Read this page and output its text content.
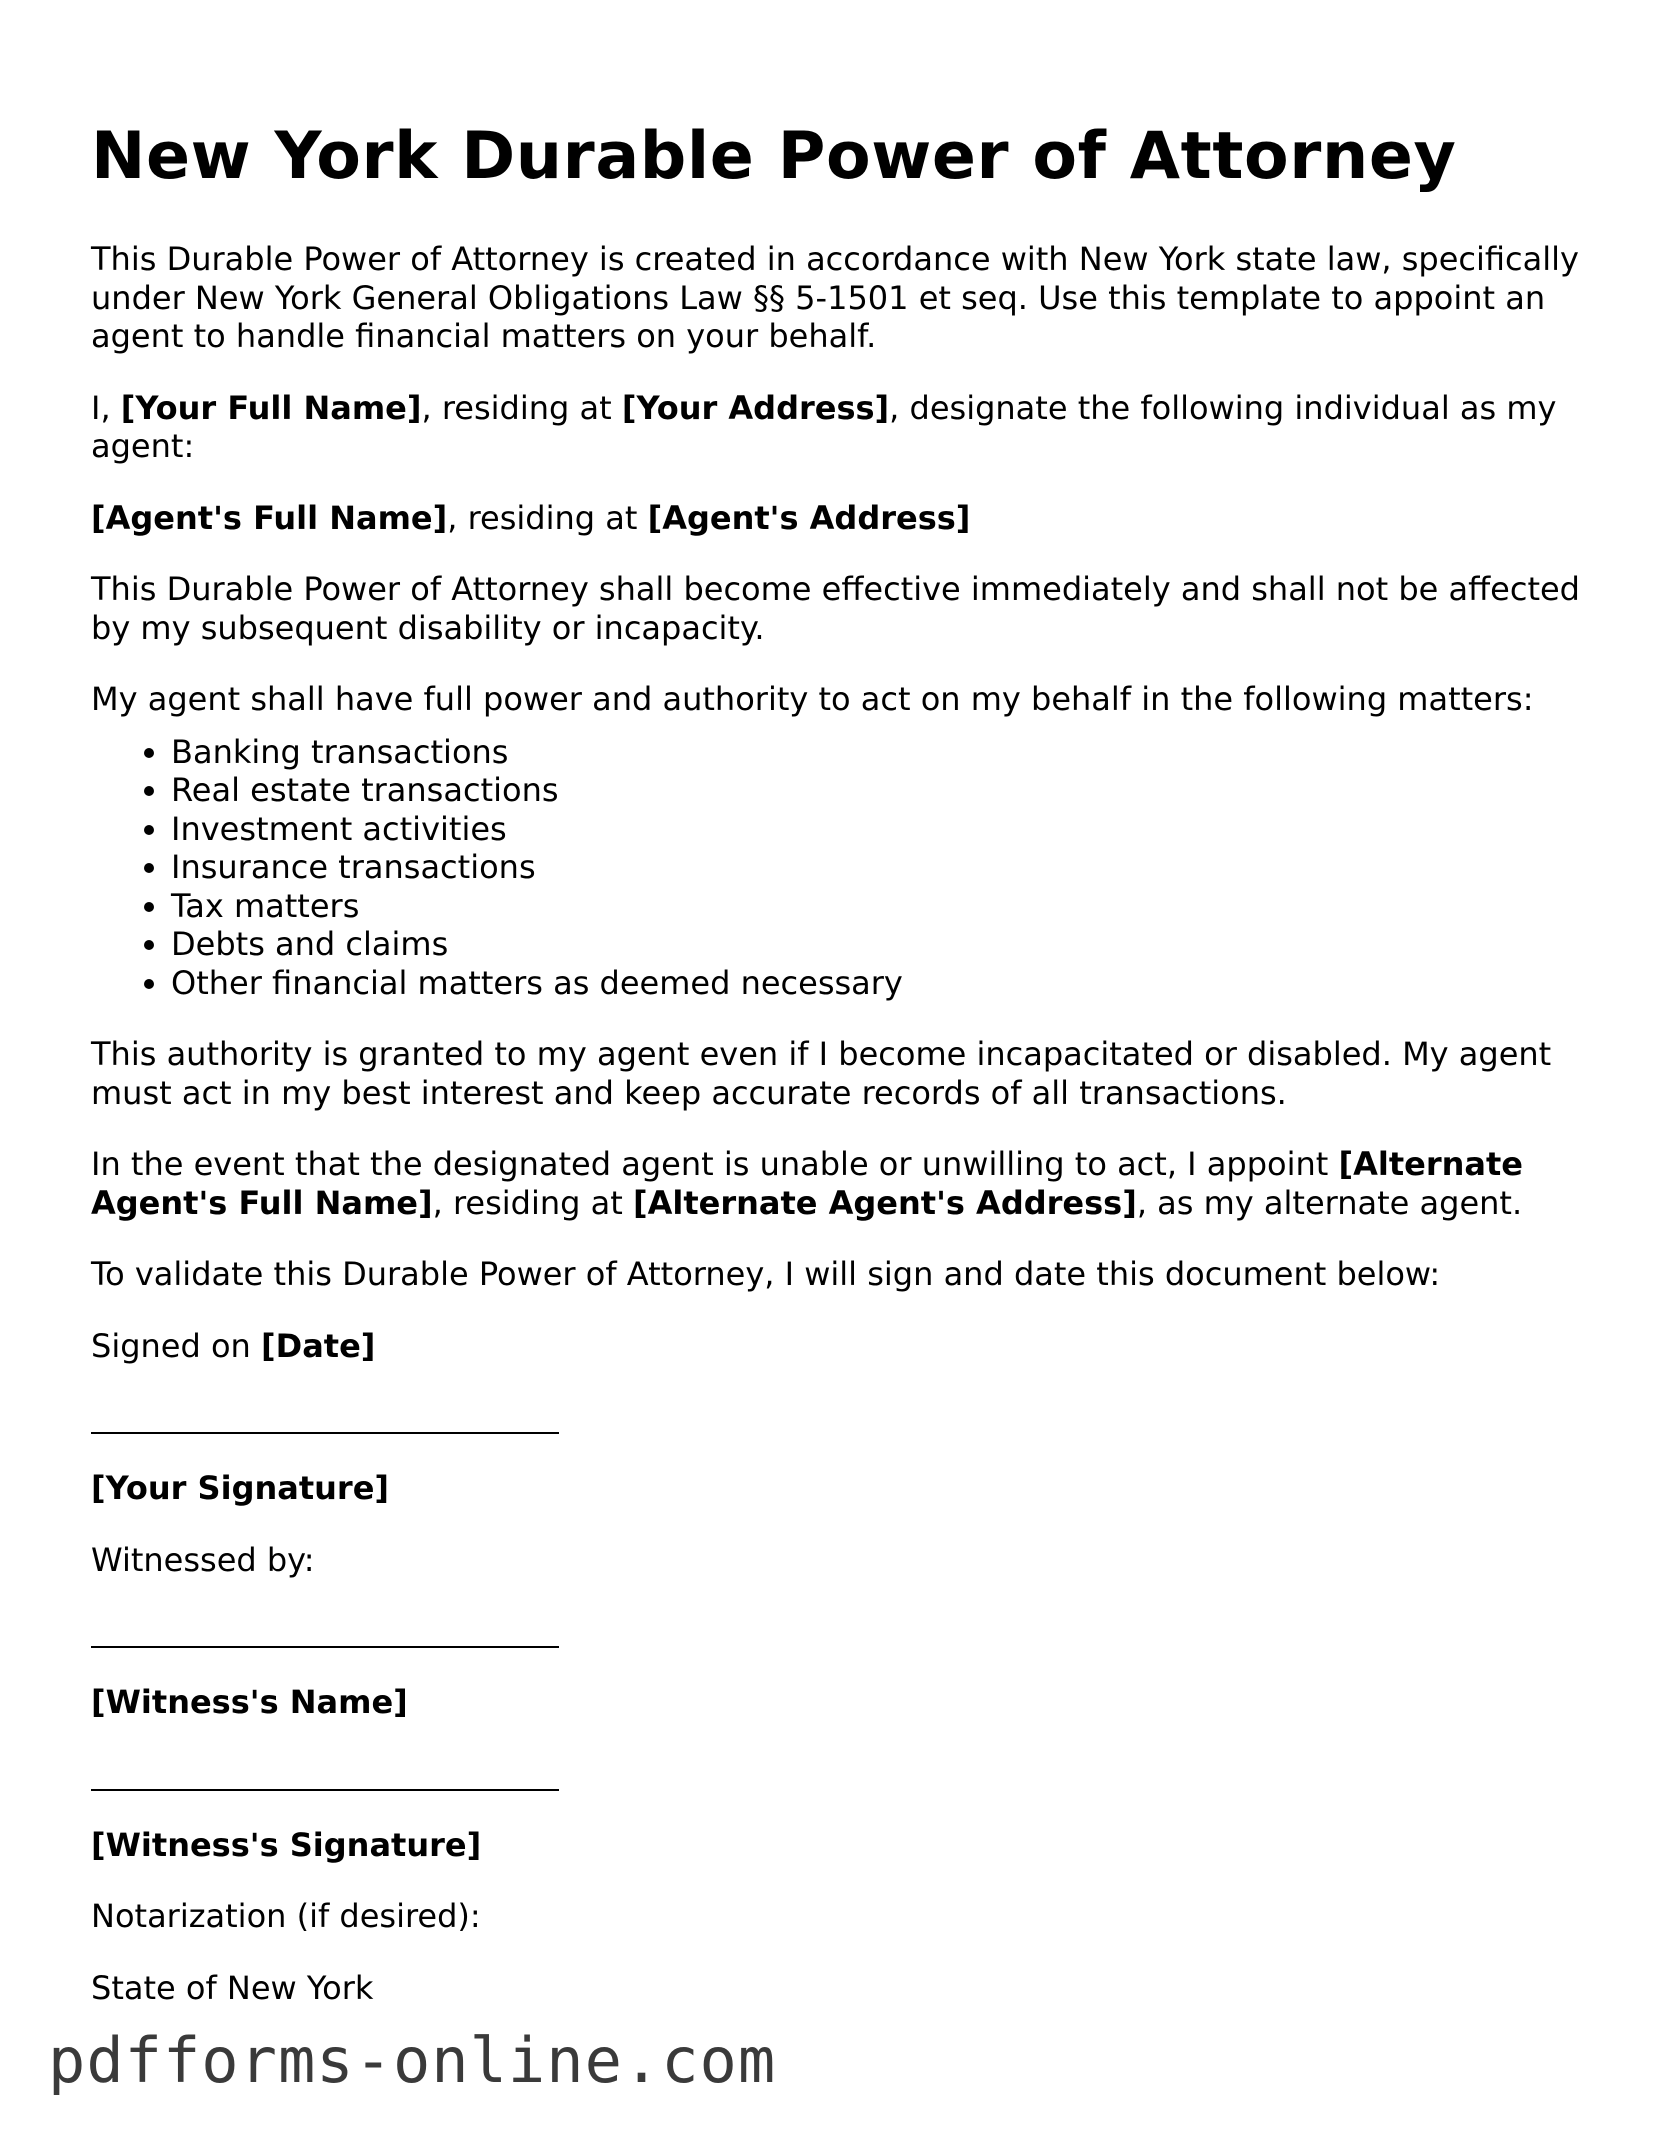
New York Durable Power of Attorney

This Durable Power of Attorney is created in accordance with New York state law, specifically under New York General Obligations Law §§ 5-1501 et seq. Use this template to appoint an agent to handle financial matters on your behalf.

I, [Your Full Name], residing at [Your Address], designate the following individual as my agent:

[Agent's Full Name], residing at [Agent's Address]

This Durable Power of Attorney shall become effective immediately and shall not be affected by my subsequent disability or incapacity.

My agent shall have full power and authority to act on my behalf in the following matters:

• Banking transactions
• Real estate transactions
• Investment activities
• Insurance transactions
• Tax matters
• Debts and claims
• Other financial matters as deemed necessary

This authority is granted to my agent even if I become incapacitated or disabled. My agent must act in my best interest and keep accurate records of all transactions.

In the event that the designated agent is unable or unwilling to act, I appoint [Alternate Agent's Full Name], residing at [Alternate Agent's Address], as my alternate agent.

To validate this Durable Power of Attorney, I will sign and date this document below:

Signed on [Date]

[Your Signature]

Witnessed by:

[Witness's Name]

[Witness's Signature]

Notarization (if desired):

State of New York

pdfforms-online.com
